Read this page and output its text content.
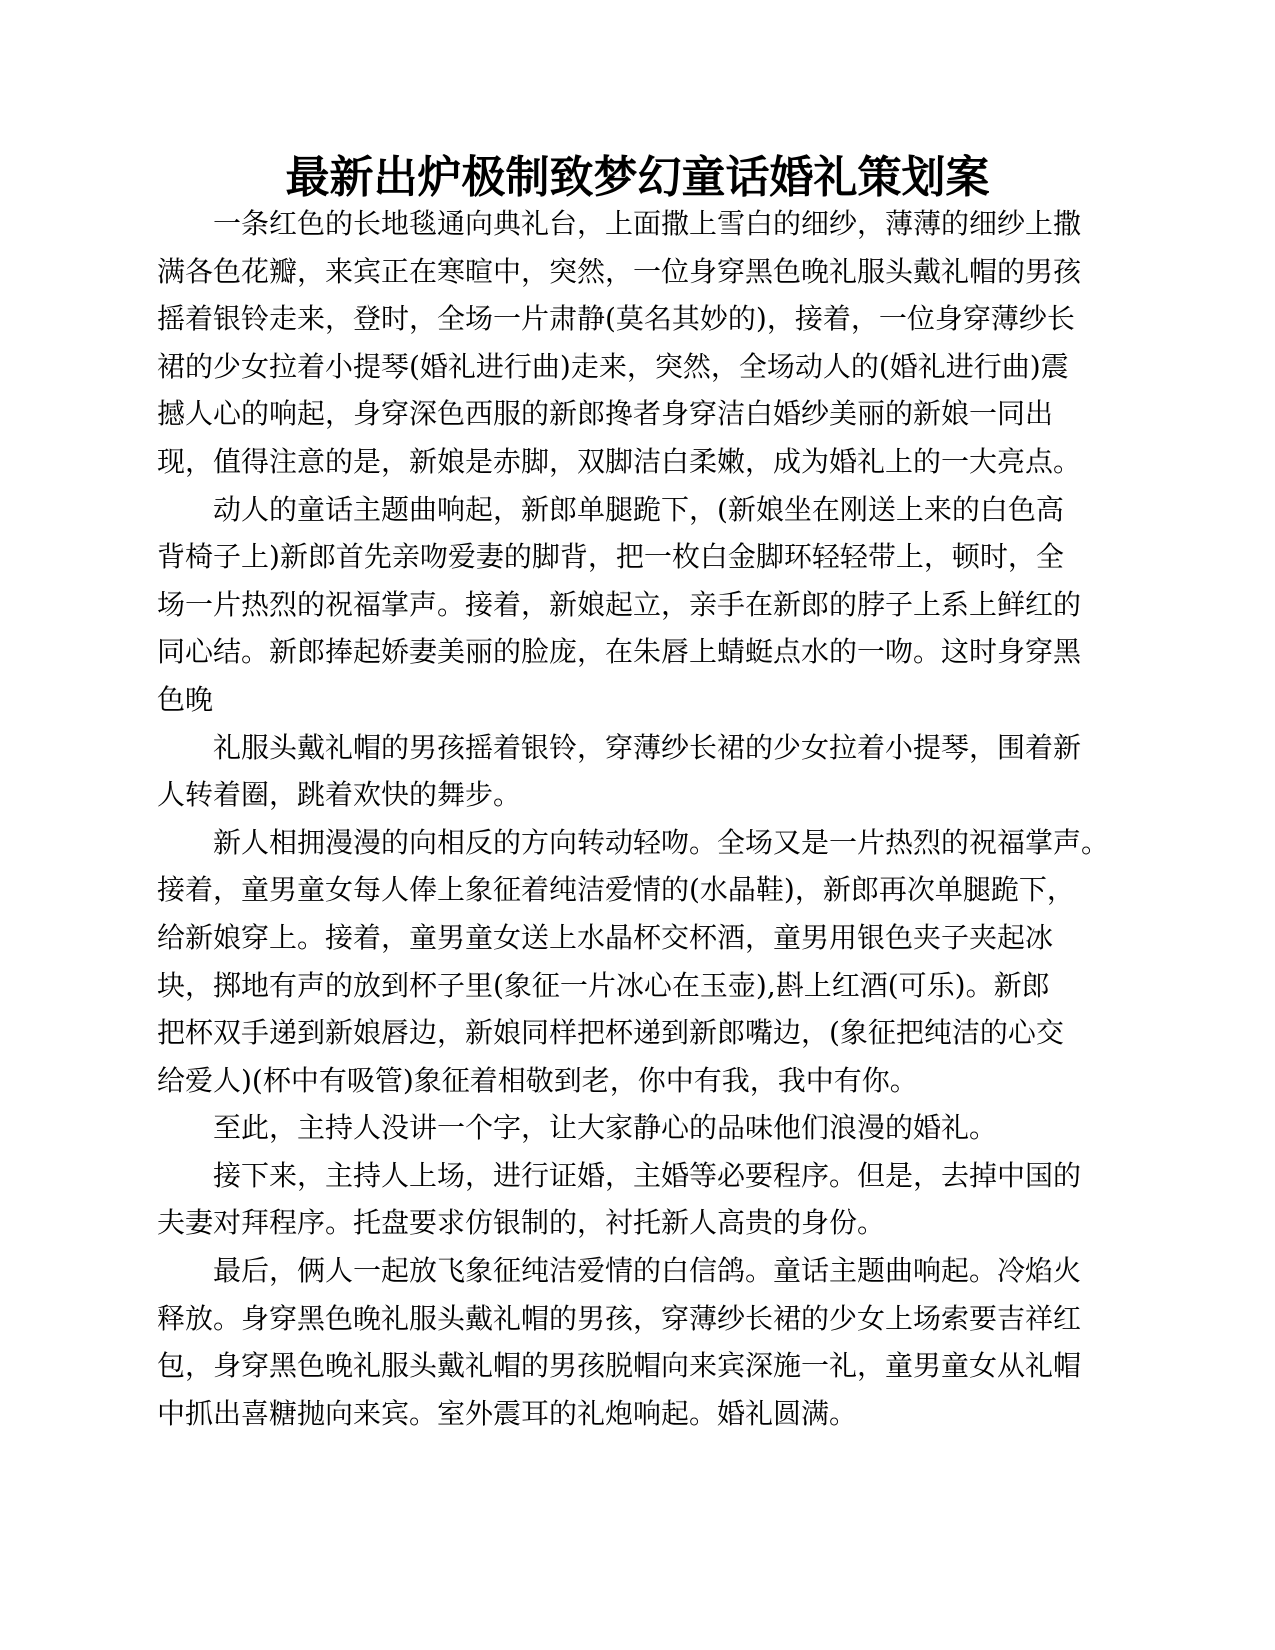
最新出炉极制致梦幻童话婚礼策划案
一条红色的长地毯通向典礼台，上面撒上雪白的细纱，薄薄的细纱上撒
满各色花瓣，来宾正在寒暄中，突然，一位身穿黑色晚礼服头戴礼帽的男孩
摇着银铃走来，登时，全场一片肃静(莫名其妙的)，接着，一位身穿薄纱长
裙的少女拉着小提琴(婚礼进行曲)走来，突然，全场动人的(婚礼进行曲)震
撼人心的响起，身穿深色西服的新郎搀者身穿洁白婚纱美丽的新娘一同出
现，值得注意的是，新娘是赤脚，双脚洁白柔嫩，成为婚礼上的一大亮点。
动人的童话主题曲响起，新郎单腿跪下，(新娘坐在刚送上来的白色高
背椅子上)新郎首先亲吻爱妻的脚背，把一枚白金脚环轻轻带上，顿时，全
场一片热烈的祝福掌声。接着，新娘起立，亲手在新郎的脖子上系上鲜红的
同心结。新郎捧起娇妻美丽的脸庞，在朱唇上蜻蜓点水的一吻。这时身穿黑
色晚
礼服头戴礼帽的男孩摇着银铃，穿薄纱长裙的少女拉着小提琴，围着新
人转着圈，跳着欢快的舞步。
新人相拥漫漫的向相反的方向转动轻吻。全场又是一片热烈的祝福掌声。
接着，童男童女每人俸上象征着纯洁爱情的(水晶鞋)，新郎再次单腿跪下，
给新娘穿上。接着，童男童女送上水晶杯交杯酒，童男用银色夹子夹起冰
块，掷地有声的放到杯子里(象征一片冰心在玉壶),斟上红酒(可乐)。新郎
把杯双手递到新娘唇边，新娘同样把杯递到新郎嘴边，(象征把纯洁的心交
给爱人)(杯中有吸管)象征着相敬到老，你中有我，我中有你。
至此，主持人没讲一个字，让大家静心的品味他们浪漫的婚礼。
接下来，主持人上场，进行证婚，主婚等必要程序。但是，去掉中国的
夫妻对拜程序。托盘要求仿银制的，衬托新人高贵的身份。
最后，俩人一起放飞象征纯洁爱情的白信鸽。童话主题曲响起。冷焰火
释放。身穿黑色晚礼服头戴礼帽的男孩，穿薄纱长裙的少女上场索要吉祥红
包，身穿黑色晚礼服头戴礼帽的男孩脱帽向来宾深施一礼，童男童女从礼帽
中抓出喜糖抛向来宾。室外震耳的礼炮响起。婚礼圆满。
